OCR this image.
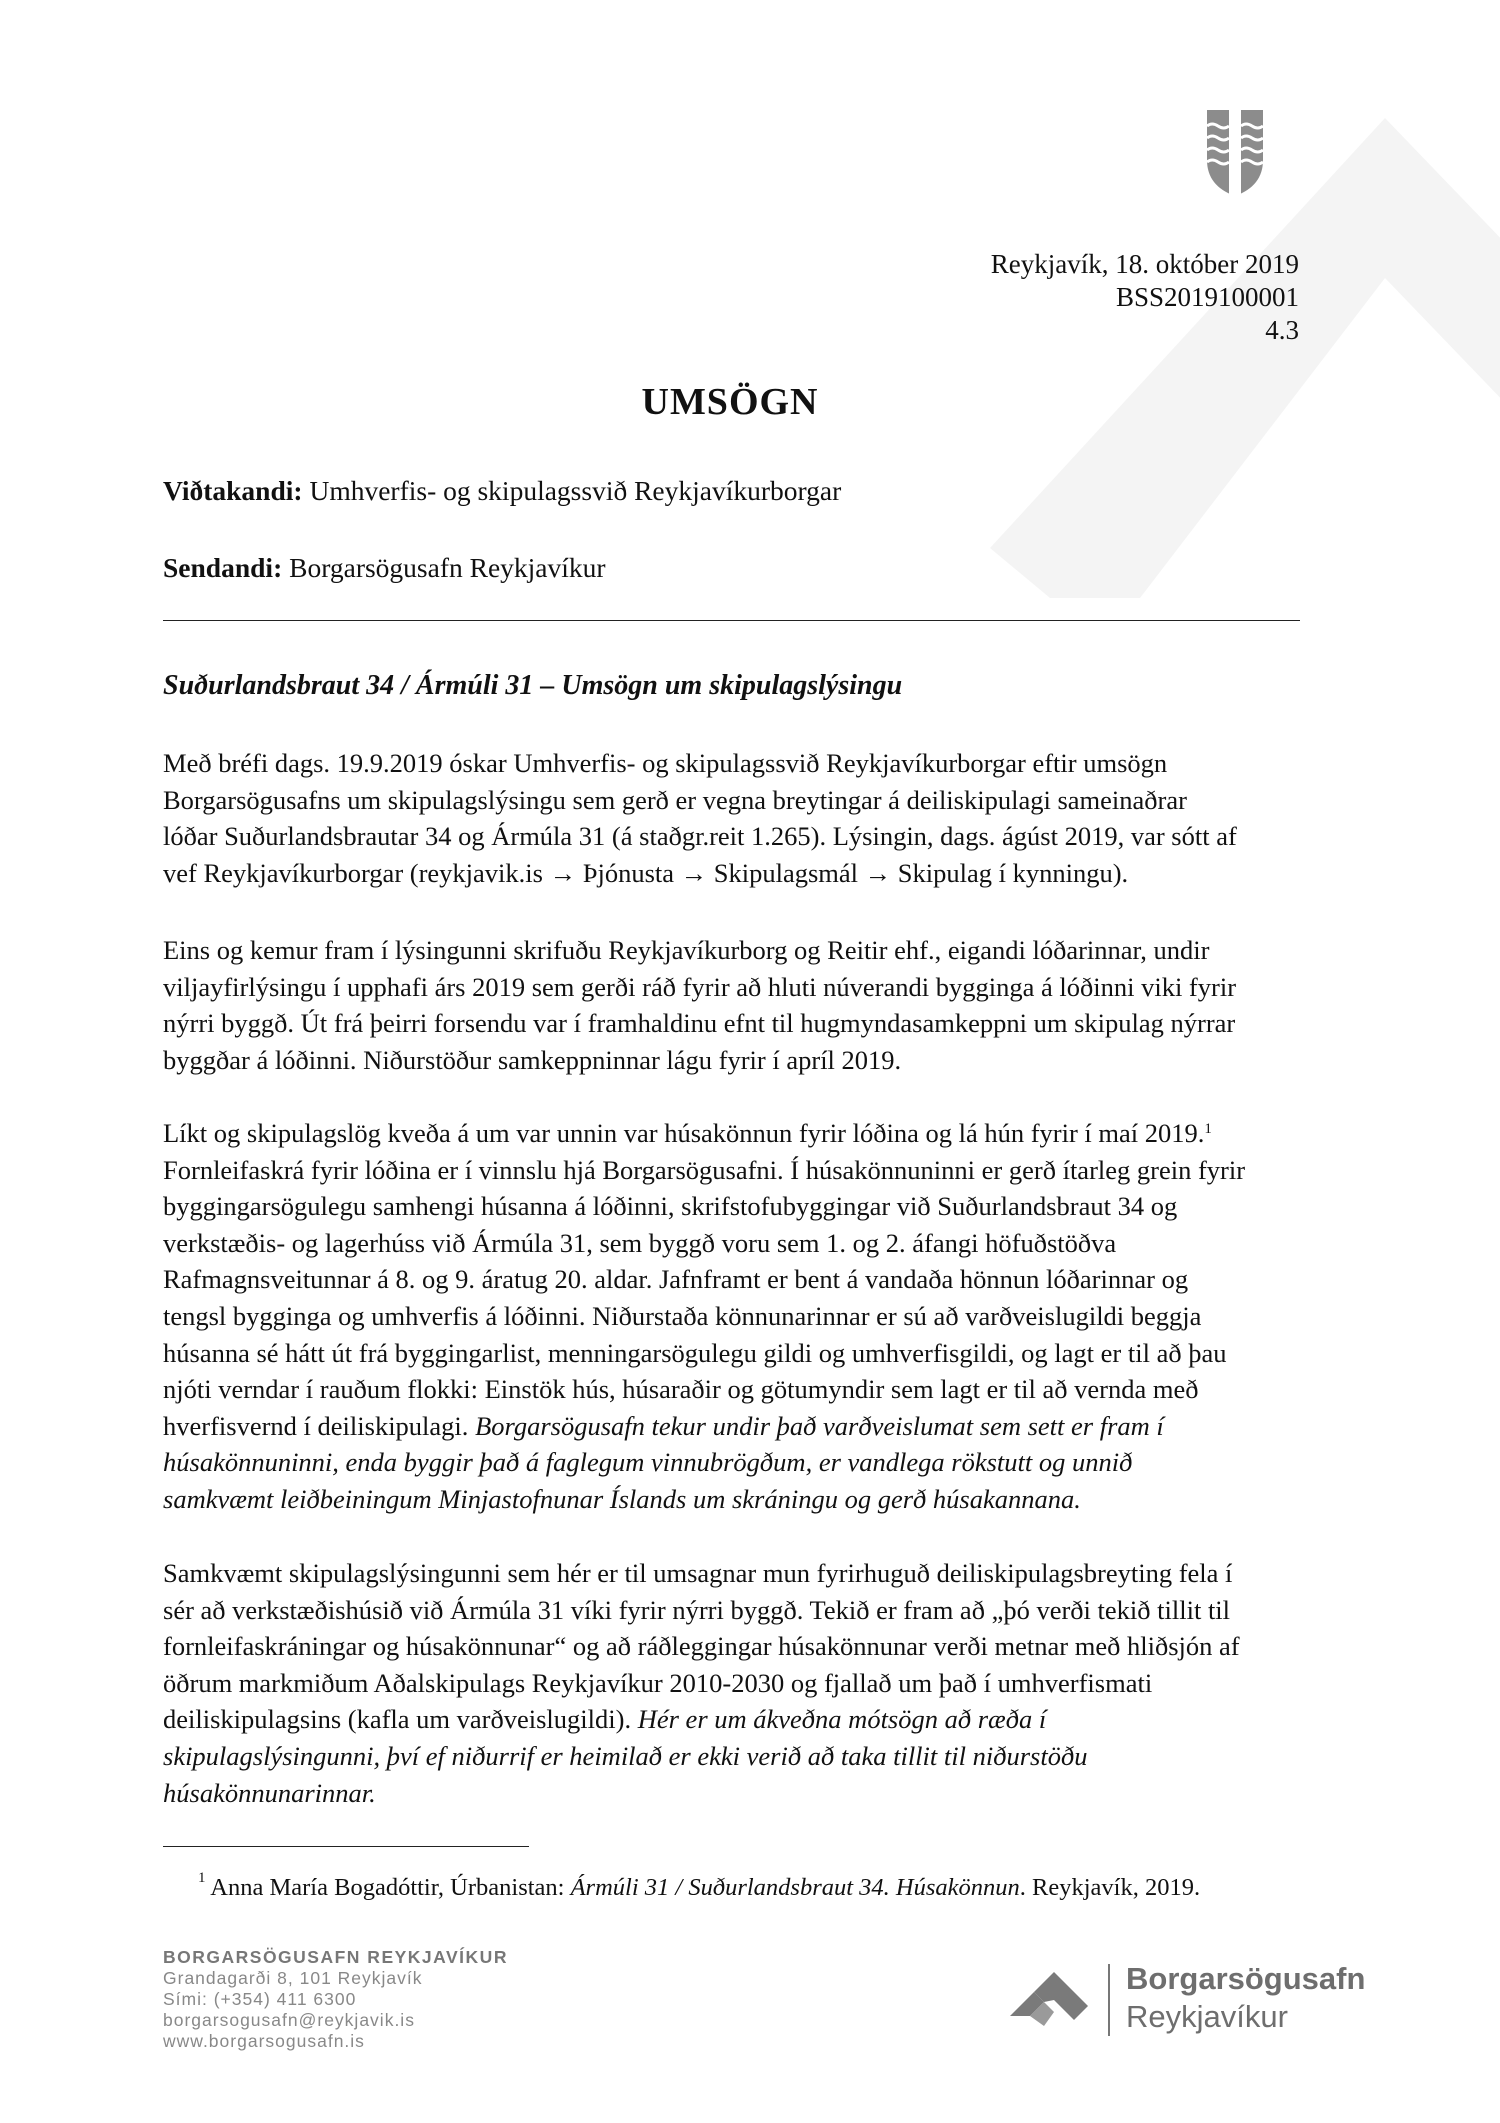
Reykjavík, 18. október 2019
BSS2019100001
4.3
UMSÖGN
Viðtakandi: Umhverfis- og skipulagssvið Reykjavíkurborgar
Sendandi: Borgarsögusafn Reykjavíkur
Suðurlandsbraut 34 / Ármúli 31 – Umsögn um skipulagslýsingu
Með bréfi dags. 19.9.2019 óskar Umhverfis- og skipulagssvið Reykjavíkurborgar eftir umsögn
Borgarsögusafns um skipulagslýsingu sem gerð er vegna breytingar á deiliskipulagi sameinaðrar
lóðar Suðurlandsbrautar 34 og Ármúla 31 (á staðgr.reit 1.265). Lýsingin, dags. ágúst 2019, var sótt af
vef Reykjavíkurborgar (reykjavik.is → Þjónusta → Skipulagsmál → Skipulag í kynningu).
Eins og kemur fram í lýsingunni skrifuðu Reykjavíkurborg og Reitir ehf., eigandi lóðarinnar, undir
viljayfirlýsingu í upphafi árs 2019 sem gerði ráð fyrir að hluti núverandi bygginga á lóðinni viki fyrir
nýrri byggð. Út frá þeirri forsendu var í framhaldinu efnt til hugmyndasamkeppni um skipulag nýrrar
byggðar á lóðinni. Niðurstöður samkeppninnar lágu fyrir í apríl 2019.
Líkt og skipulagslög kveða á um var unnin var húsakönnun fyrir lóðina og lá hún fyrir í maí 2019.$^1$
Fornleifaskrá fyrir lóðina er í vinnslu hjá Borgarsögusafni. Í húsakönnuninni er gerð ítarleg grein fyrir
byggingarsögulegu samhengi húsanna á lóðinni, skrifstofubyggingar við Suðurlandsbraut 34 og
verkstæðis- og lagerhúss við Ármúla 31, sem byggð voru sem 1. og 2. áfangi höfuðstöðva
Rafmagnsveitunnar á 8. og 9. áratug 20. aldar. Jafnframt er bent á vandaða hönnun lóðarinnar og
tengsl bygginga og umhverfis á lóðinni. Niðurstaða könnunarinnar er sú að varðveislugildi beggja
húsanna sé hátt út frá byggingarlist, menningarsögulegu gildi og umhverfisgildi, og lagt er til að þau
njóti verndar í rauðum flokki: Einstök hús, húsaraðir og götumyndir sem lagt er til að vernda með
hverfisvernd í deiliskipulagi. Borgarsögusafn tekur undir það varðveislumat sem sett er fram í
húsakönnuninni, enda byggir það á faglegum vinnubrögðum, er vandlega rökstutt og unnið
samkvæmt leiðbeiningum Minjastofnunar Íslands um skráningu og gerð húsakannana.
Samkvæmt skipulagslýsingunni sem hér er til umsagnar mun fyrirhuguð deiliskipulagsbreyting fela í
sér að verkstæðishúsið við Ármúla 31 víki fyrir nýrri byggð. Tekið er fram að „þó verði tekið tillit til
fornleifaskráningar og húsakönnunar“ og að ráðleggingar húsakönnunar verði metnar með hliðsjón af
öðrum markmiðum Aðalskipulags Reykjavíkur 2010-2030 og fjallað um það í umhverfismati
deiliskipulagsins (kafla um varðveislugildi). Hér er um ákveðna mótsögn að ræða í
skipulagslýsingunni, því ef niðurrif er heimilað er ekki verið að taka tillit til niðurstöðu
húsakönnunarinnar.
$^1$ Anna María Bogadóttir, Úrbanistan: Ármúli 31 / Suðurlandsbraut 34. Húsakönnun. Reykjavík, 2019.
BORGARSÖGUSAFN REYKJAVÍKUR
Grandagarði 8, 101 Reykjavík
Sími: (+354) 411 6300
borgarsogusafn@reykjavik.is
www.borgarsogusafn.is
Borgarsögusafn
Reykjavíkur
